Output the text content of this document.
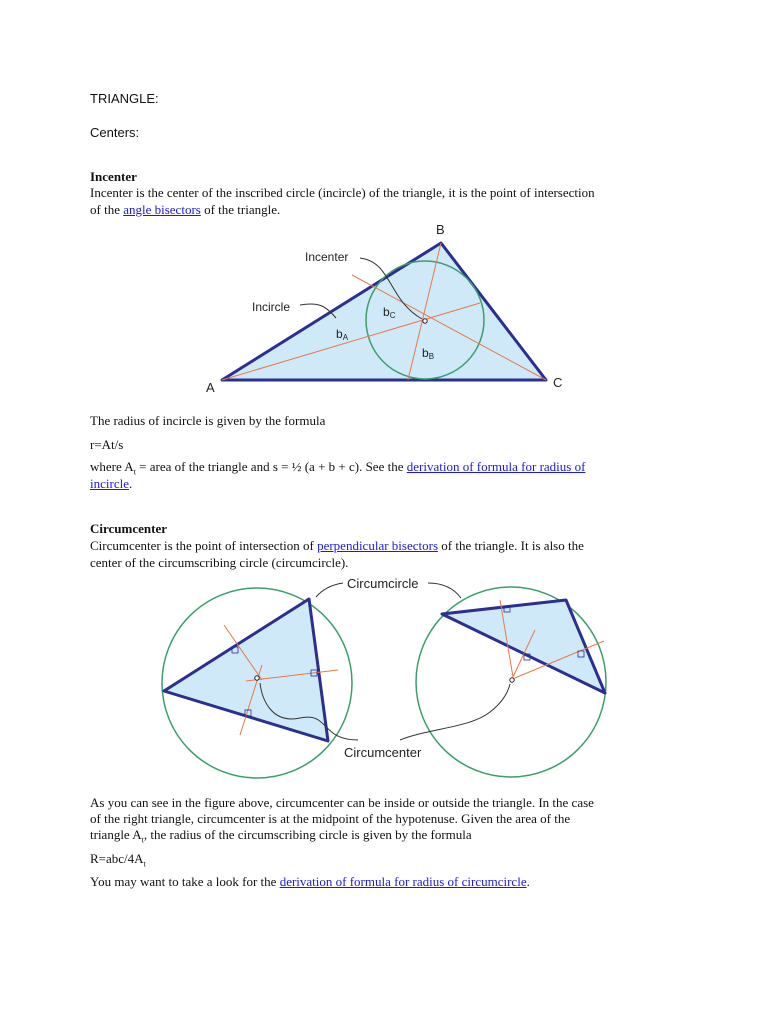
TRIANGLE:

Centers:

Incenter

Incenter is the center of the inscribed circle (incircle) of the triangle, it is the point of intersection

of the angle bisectors of the triangle.

Incenter
Incircle
A
B
C
bA
bB
bC

The radius of incircle is given by the formula

r=At/s

where $A_t$ = area of the triangle and s = ½ (a + b + c). See the derivation of formula for radius of

incircle.

Circumcenter

Circumcenter is the point of intersection of perpendicular bisectors of the triangle. It is also the

center of the circumscribing circle (circumcircle).

Circumcircle
Circumcenter

As you can see in the figure above, circumcenter can be inside or outside the triangle. In the case

of the right triangle, circumcenter is at the midpoint of the hypotenuse. Given the area of the

triangle $A_t$, the radius of the circumscribing circle is given by the formula

$R=abc/4A_t$

You may want to take a look for the derivation of formula for radius of circumcircle.
